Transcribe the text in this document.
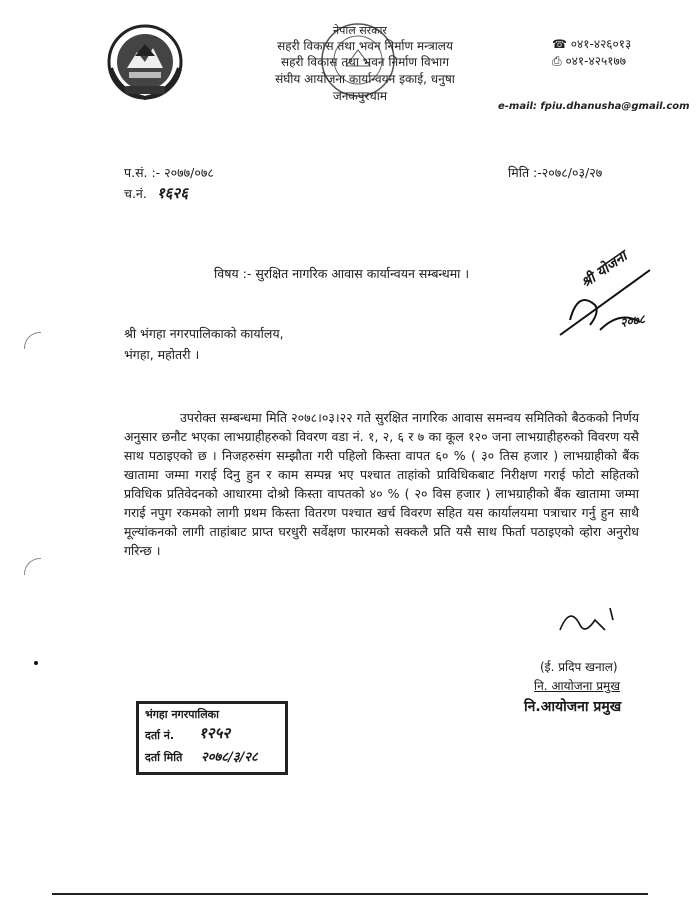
नेपाल सरकार
सहरी विकास तथा भवन निर्माण मन्त्रालय
सहरी विकास तथा भवन निर्माण विभाग
संघीय आयोजना कार्यान्वयन इकाई, धनुषा
जनकपुरधाम
☎ ०४१-४२६०१३
⎙ ०४१-४२५१७७
e-mail: fpiu.dhanusha@gmail.com
प.सं. :- २०७७/०७८
च.नं. १६२६
मिति :-२०७८/०३/२७
विषय :- सुरक्षित नागरिक आवास कार्यान्वयन सम्बन्धमा ।	श्री योजना
२०७८
श्री भंगहा नगरपालिकाको कार्यालय,
भंगहा, महोतरी ।
उपरोक्त सम्बन्धमा मिति २०७८।०३।२२ गते सुरक्षित नागरिक आवास समन्वय समितिको बैठकको निर्णय अनुसार छनौट भएका लाभग्राहीहरुको विवरण वडा नं. १, २, ६ र ७ का कूल १२० जना लाभग्राहीहरुको विवरण यसै साथ पठाइएको छ । निजहरुसंग सम्झौता गरी पहिलो किस्ता वापत ६० % ( ३० तिस हजार ) लाभग्राहीको बैंक खातामा जम्मा गराई दिनु हुन र काम सम्पन्न भए पश्चात ताहांको प्राविधिकबाट निरीक्षण गराई फोटो सहितको प्रविधिक प्रतिवेदनको आधारमा दोश्रो किस्ता वापतको ४० % ( २० विस हजार ) लाभग्राहीको बैंक खातामा जम्मा गराई नपुग रकमको लागी प्रथम किस्ता वितरण पश्चात खर्च विवरण सहित यस कार्यालयमा पत्राचार गर्नु हुन साथै मूल्यांकनको लागी ताहांबाट प्राप्त घरधुरी सर्वेक्षण फारमको सक्कलै प्रति यसै साथ फिर्ता पठाइएको व्होरा अनुरोध गरिन्छ ।
(ई. प्रदिप खनाल)
नि. आयोजना प्रमुख
नि.आयोजना प्रमुख
भंगहा नगरपालिका
दर्ता नं. १२५२
दर्ता मिति २०७८/३/२८
